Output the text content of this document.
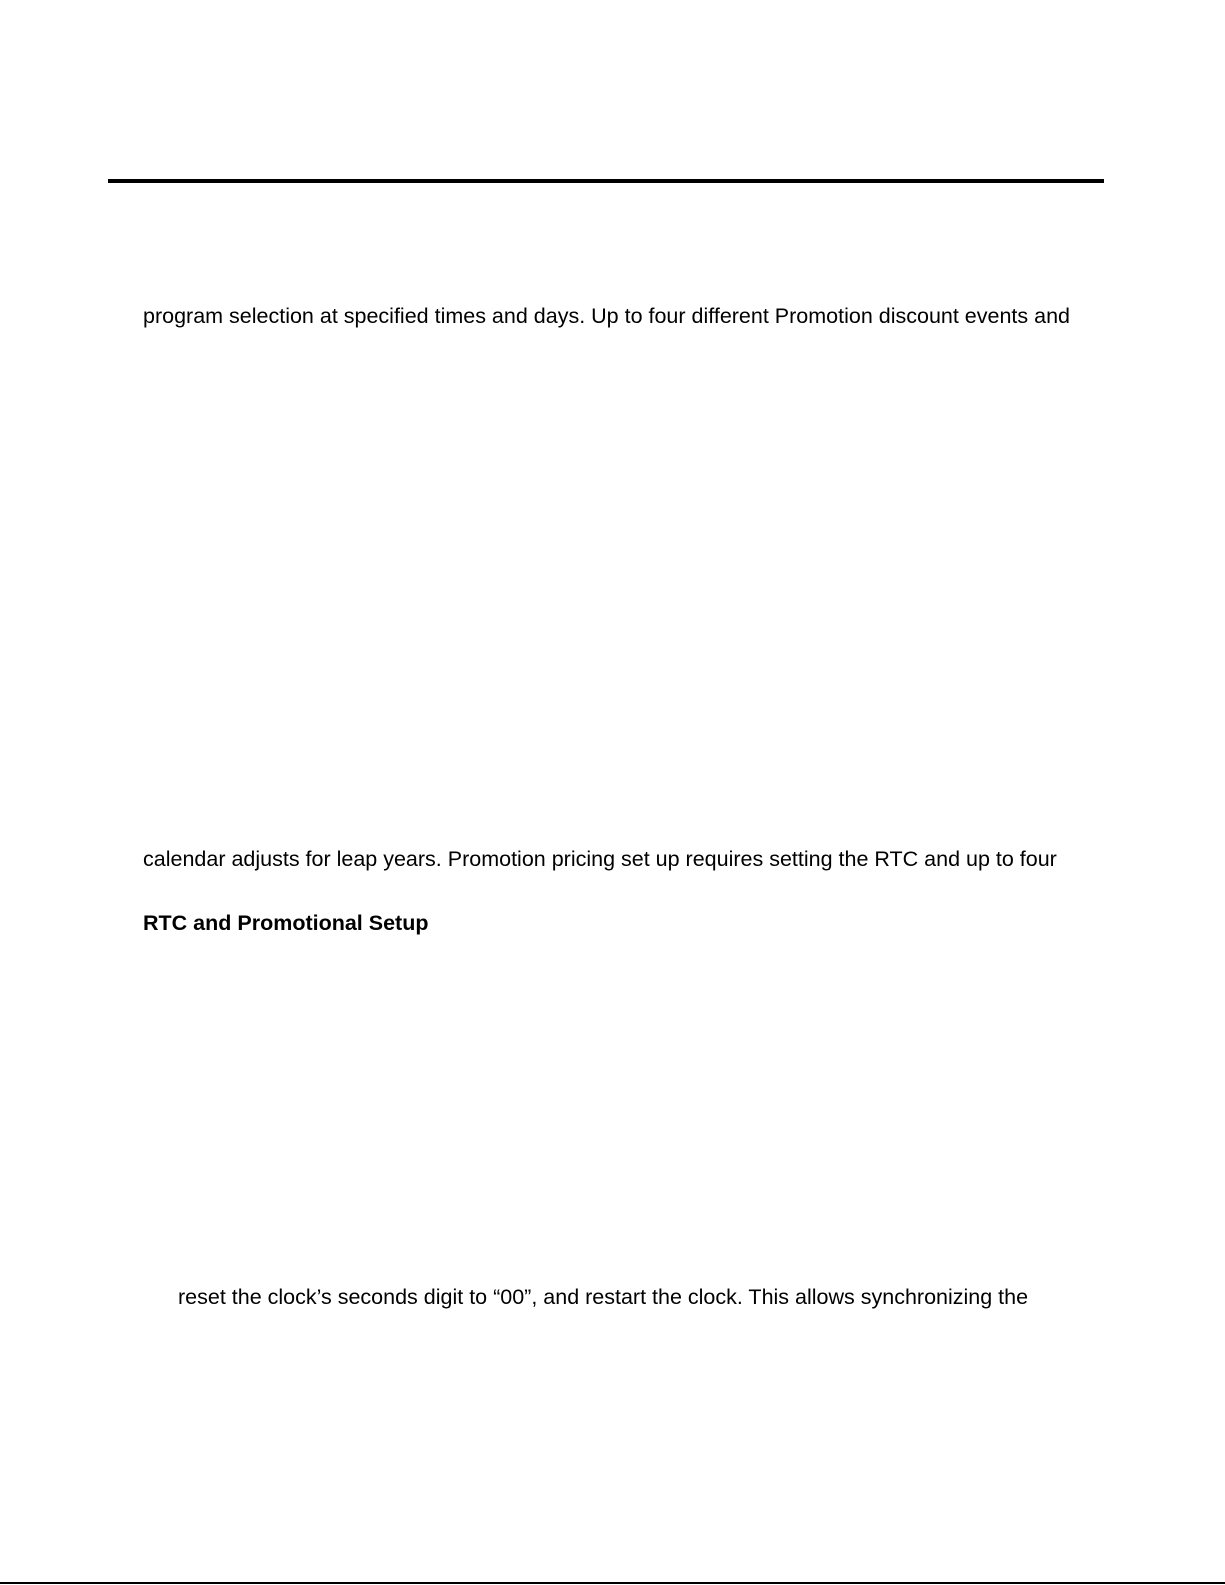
program selection at specified times and days. Up to four different Promotion discount events and
calendar adjusts for leap years. Promotion pricing set up requires setting the RTC and up to four
RTC and Promotional Setup
reset the clock’s seconds digit to “00”, and restart the clock. This allows synchronizing the
